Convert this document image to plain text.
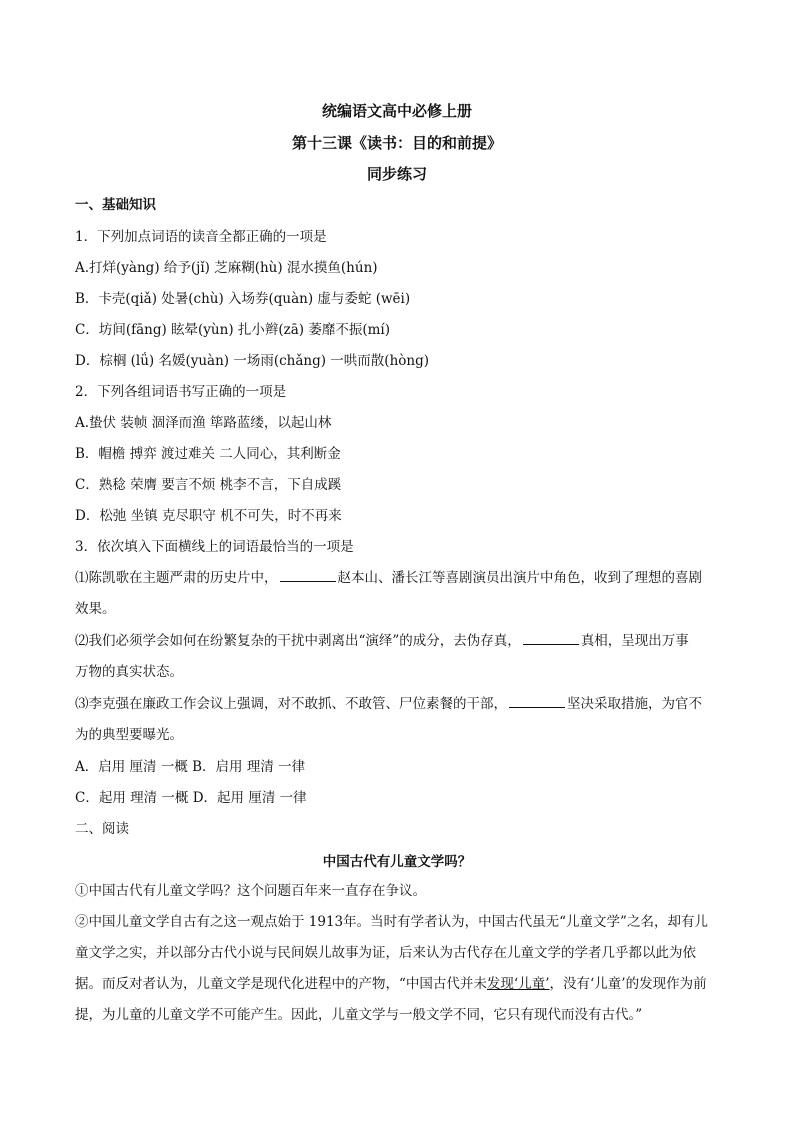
统编语文高中必修上册
第十三课《读书：目的和前提》
同步练习
一、基础知识
1．下列加点词语的读音全都正确的一项是
A.打烊(yàng) 给予(jǐ) 芝麻糊(hù) 混水摸鱼(hún)
B．卡壳(qiǎ) 处暑(chù) 入场券(quàn) 虚与委蛇 (wēi)
C．坊间(fāng) 眩晕(yùn) 扎小辫(zā) 萎靡不振(mí)
D．棕榈 (lǘ) 名媛(yuàn) 一场雨(chǎng) 一哄而散(hòng)
2．下列各组词语书写正确的一项是
A.蛰伏 装帧 涸泽而渔 筚路蓝缕，以起山林
B．帽檐 搏弈 渡过难关 二人同心，其利断金
C．熟稔 荣膺 要言不烦 桃李不言，下自成蹊
D．松弛 坐镇 克尽职守 机不可失，时不再来
3．依次填入下面横线上的词语最恰当的一项是
⑴陈凯歌在主题严肃的历史片中，	赵本山、潘长江等喜剧演员出演片中角色，收到了理想的喜剧
效果。
⑵我们必须学会如何在纷繁复杂的干扰中剥离出“演绎”的成分，去伪存真，	真相，呈现出万事
万物的真实状态。
⑶李克强在廉政工作会议上强调，对不敢抓、不敢管、尸位素餐的干部，	坚决采取措施，为官不
为的典型要曝光。
A．启用 厘清 一概 B．启用 理清 一律
C．起用 理清 一概 D．起用 厘清 一律
二、阅读
中国古代有儿童文学吗？
①中国古代有儿童文学吗？这个问题百年来一直存在争议。
②中国儿童文学自古有之这一观点始于 1913年。当时有学者认为，中国古代虽无“儿童文学”之名，却有儿
童文学之实，并以部分古代小说与民间娱儿故事为证，后来认为古代存在儿童文学的学者几乎都以此为依
据。而反对者认为，儿童文学是现代化进程中的产物，“中国古代并未发现‘儿童’，没有‘儿童’的发现作为前
提，为儿童的儿童文学不可能产生。因此，儿童文学与一般文学不同，它只有现代而没有古代。”
